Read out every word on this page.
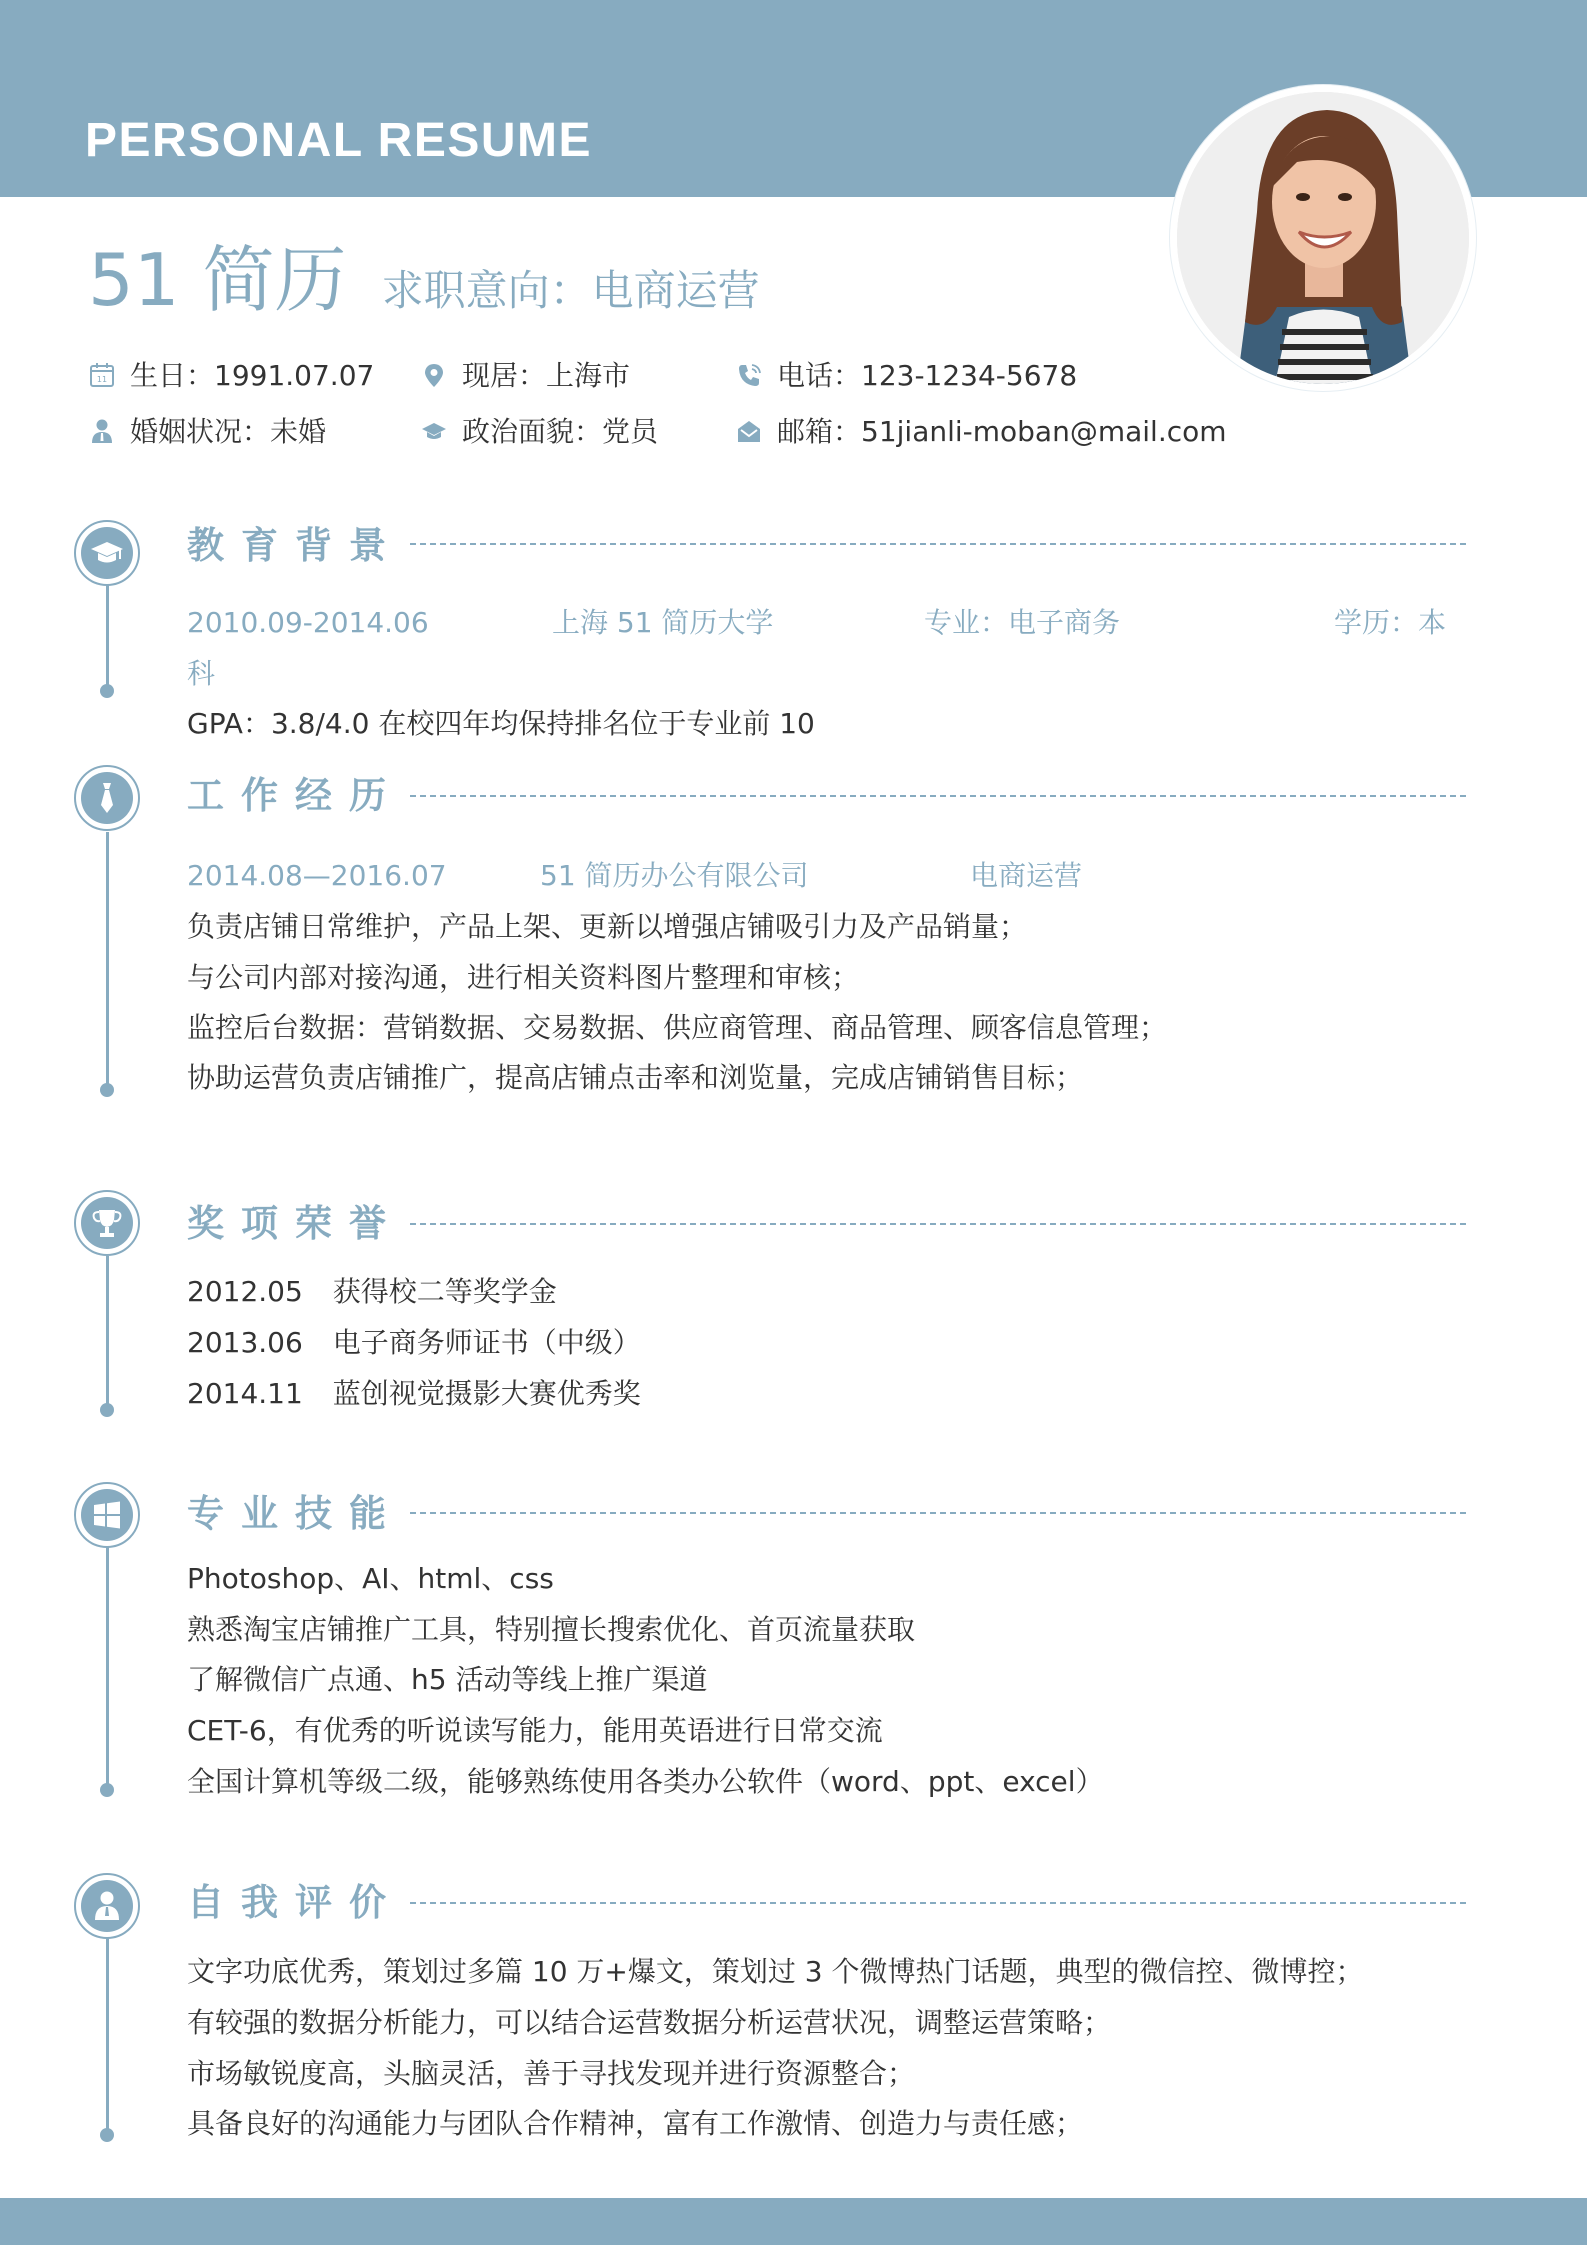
PERSONAL RESUME
51 简历 求职意向：电商运营
11 生日：1991.07.07	现居：上海市	电话：123-1234-5678
婚姻状况：未婚	政治面貌：党员	邮箱：51jianli-moban@mail.com
教育背景
2010.09-2014.06	上海 51 简历大学	专业：电子商务	学历：本
科
GPA：3.8/4.0 在校四年均保持排名位于专业前 10
工作经历
2014.08—2016.07	51 简历办公有限公司	电商运营
负责店铺日常维护，产品上架、更新以增强店铺吸引力及产品销量；
与公司内部对接沟通，进行相关资料图片整理和审核；
监控后台数据：营销数据、交易数据、供应商管理、商品管理、顾客信息管理；
协助运营负责店铺推广，提高店铺点击率和浏览量，完成店铺销售目标；
奖项荣誉
2012.05 获得校二等奖学金
2013.06 电子商务师证书（中级）
2014.11 蓝创视觉摄影大赛优秀奖
专业技能
Photoshop、AI、html、css
熟悉淘宝店铺推广工具，特别擅长搜索优化、首页流量获取
了解微信广点通、h5 活动等线上推广渠道
CET-6，有优秀的听说读写能力，能用英语进行日常交流
全国计算机等级二级，能够熟练使用各类办公软件（word、ppt、excel）
自我评价
文字功底优秀，策划过多篇 10 万+爆文，策划过 3 个微博热门话题，典型的微信控、微博控；
有较强的数据分析能力，可以结合运营数据分析运营状况，调整运营策略；
市场敏锐度高，头脑灵活，善于寻找发现并进行资源整合；
具备良好的沟通能力与团队合作精神，富有工作激情、创造力与责任感；
